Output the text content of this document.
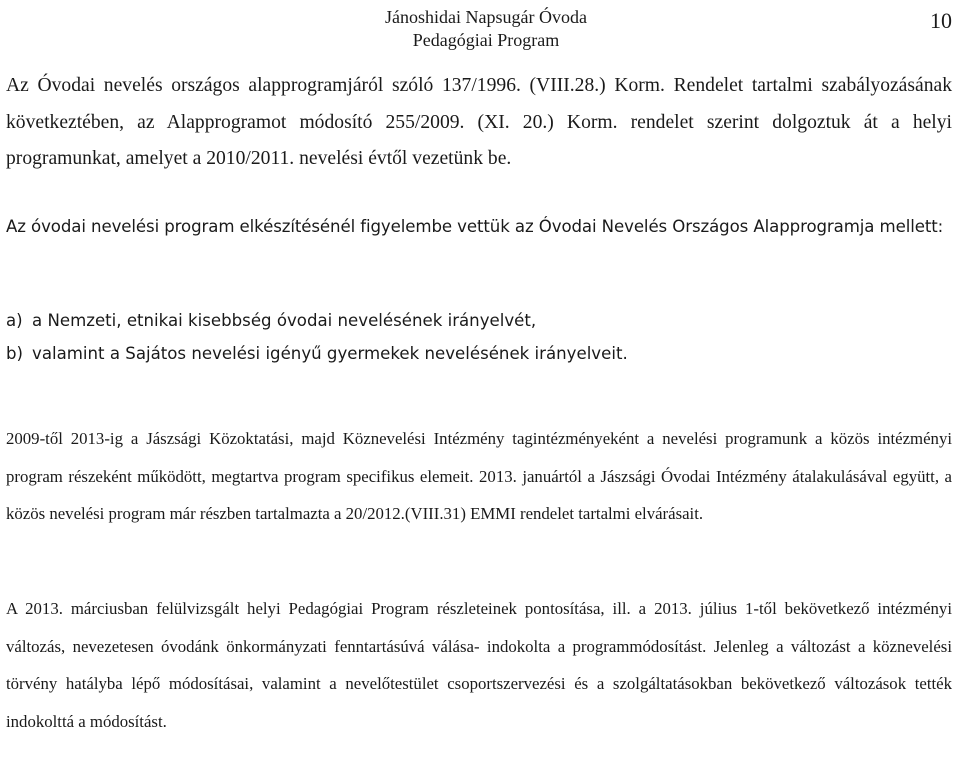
Jánoshidai Napsugár Óvoda
Pedagógiai Program
10

Az Óvodai nevelés országos alapprogramjáról szóló 137/1996. (VIII.28.) Korm. Rendelet tartalmi szabályozásának következtében, az Alapprogramot módosító 255/2009. (XI. 20.) Korm. rendelet szerint dolgoztuk át a helyi programunkat, amelyet a 2010/2011. nevelési évtől vezetünk be.

Az óvodai nevelési program elkészítésénél figyelembe vettük az Óvodai Nevelés Országos Alapprogramja mellett:

a) a Nemzeti, etnikai kisebbség óvodai nevelésének irányelvét,
b) valamint a Sajátos nevelési igényű gyermekek nevelésének irányelveit.

2009-től 2013-ig a Jászsági Közoktatási, majd Köznevelési Intézmény tagintézményeként a nevelési programunk a közös intézményi program részeként működött, megtartva program specifikus elemeit. 2013. januártól a Jászsági Óvodai Intézmény átalakulásával együtt, a közös nevelési program már részben tartalmazta a 20/2012.(VIII.31) EMMI rendelet tartalmi elvárásait.

A 2013. márciusban felülvizsgált helyi Pedagógiai Program részleteinek pontosítása, ill. a 2013. július 1-től bekövetkező intézményi változás, nevezetesen óvodánk önkormányzati fenntartásúvá válása- indokolta a programmódosítást. Jelenleg a változást a köznevelési törvény hatályba lépő módosításai, valamint a nevelőtestület csoportszervezési és a szolgáltatásokban bekövetkező változások tették indokolttá a módosítást.
